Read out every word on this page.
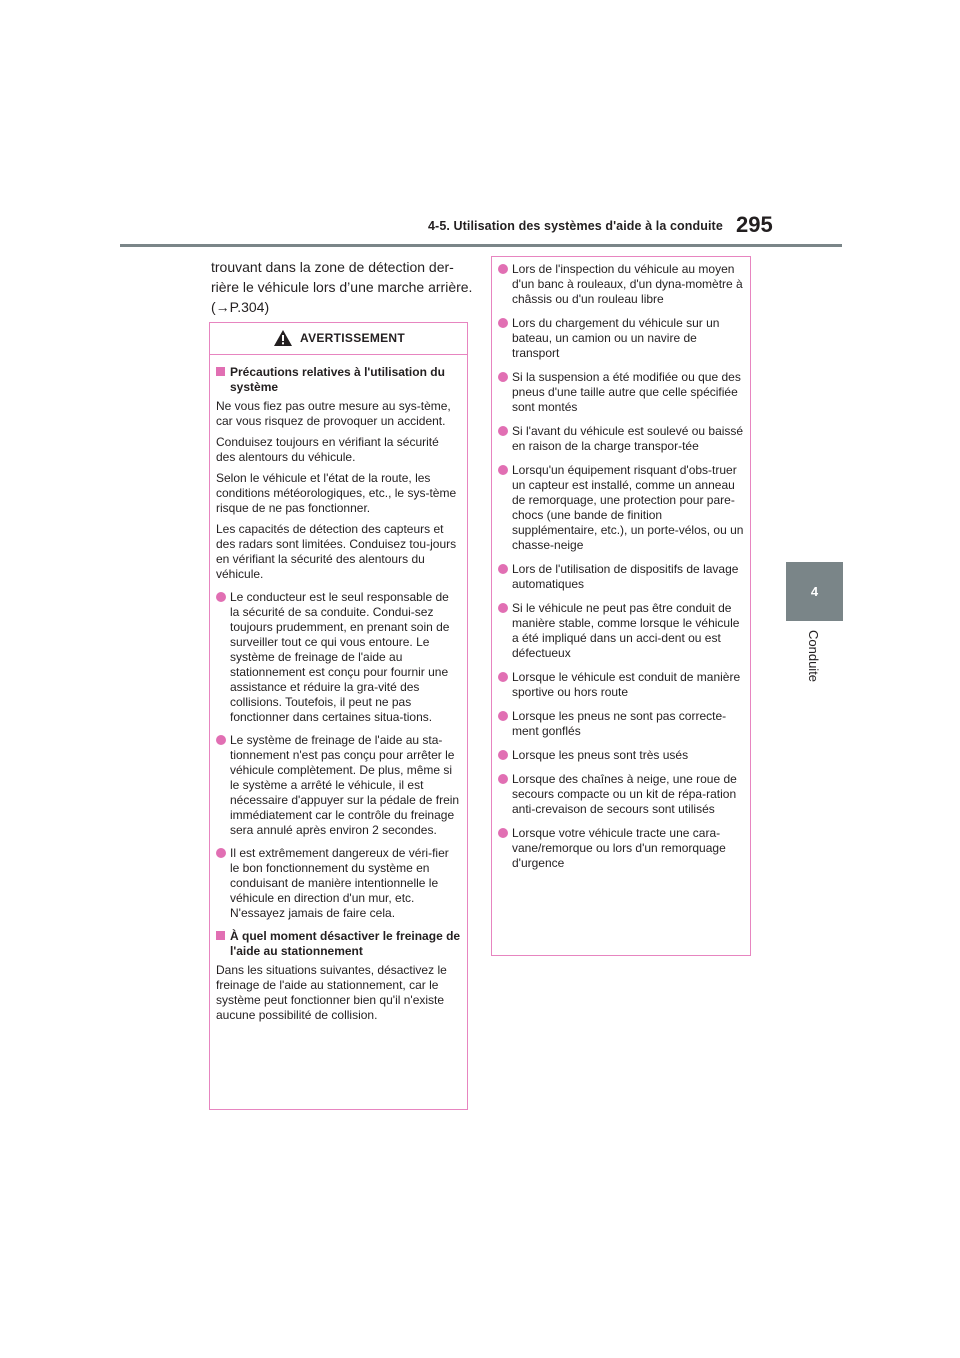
4-5. Utilisation des systèmes d'aide à la conduite 295
4
Conduite
trouvant dans la zone de détection der-rière le véhicule lors d’une marche arrière. (→P.304)
AVERTISSEMENT
Précautions relatives à l'utilisation du système

Ne vous fiez pas outre mesure au sys-tème, car vous risquez de provoquer un accident.

Conduisez toujours en vérifiant la sécurité des alentours du véhicule.

Selon le véhicule et l'état de la route, les conditions météorologiques, etc., le sys-tème risque de ne pas fonctionner.

Les capacités de détection des capteurs et des radars sont limitées. Conduisez tou-jours en vérifiant la sécurité des alentours du véhicule.

Le conducteur est le seul responsable de la sécurité de sa conduite. Condui-sez toujours prudemment, en prenant soin de surveiller tout ce qui vous entoure. Le système de freinage de l'aide au stationnement est conçu pour fournir une assistance et réduire la gra-vité des collisions. Toutefois, il peut ne pas fonctionner dans certaines situa-tions.
Le système de freinage de l'aide au sta-tionnement n'est pas conçu pour arrêter le véhicule complètement. De plus, même si le système a arrêté le véhicule, il est nécessaire d'appuyer sur la pédale de frein immédiatement car le contrôle du freinage sera annulé après environ 2 secondes.
Il est extrêmement dangereux de véri-fier le bon fonctionnement du système en conduisant de manière intentionnelle le véhicule en direction d'un mur, etc. N'essayez jamais de faire cela.
À quel moment désactiver le freinage de l'aide au stationnement

Dans les situations suivantes, désactivez le freinage de l'aide au stationnement, car le système peut fonctionner bien qu'il n'existe aucune possibilité de collision.

Lors de l'inspection du véhicule au moyen d'un banc à rouleaux, d'un dyna-momètre à châssis ou d'un rouleau libre
Lors du chargement du véhicule sur un bateau, un camion ou un navire de transport
Si la suspension a été modifiée ou que des pneus d'une taille autre que celle spécifiée sont montés
Si l'avant du véhicule est soulevé ou baissé en raison de la charge transpor-tée
Lorsqu'un équipement risquant d'obs-truer un capteur est installé, comme un anneau de remorquage, une protection pour pare-chocs (une bande de finition supplémentaire, etc.), un porte-vélos, ou un chasse-neige
Lors de l'utilisation de dispositifs de lavage automatiques
Si le véhicule ne peut pas être conduit de manière stable, comme lorsque le véhicule a été impliqué dans un acci-dent ou est défectueux
Lorsque le véhicule est conduit de manière sportive ou hors route
Lorsque les pneus ne sont pas correcte-ment gonflés
Lorsque les pneus sont très usés
Lorsque des chaînes à neige, une roue de secours compacte ou un kit de répa-ration anti-crevaison de secours sont utilisés
Lorsque votre véhicule tracte une cara-vane/remorque ou lors d'un remorquage d'urgence
